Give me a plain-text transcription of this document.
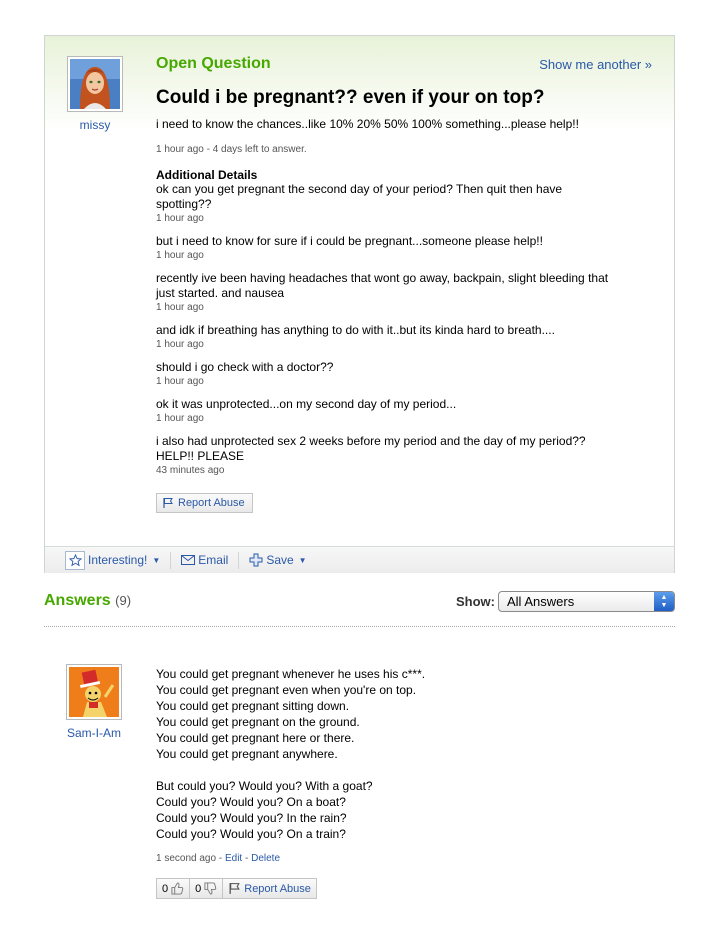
missy
Open Question	Show me another »
Could i be pregnant?? even if your on top?
i need to know the chances..like 10% 20% 50% 100% something...please help!!
1 hour ago - 4 days left to answer.
Additional Details
ok can you get pregnant the second day of your period? Then quit then have
spotting??
1 hour ago
but i need to know for sure if i could be pregnant...someone please help!!
1 hour ago
recently ive been having headaches that wont go away, backpain, slight bleeding that
just started. and nausea
1 hour ago
and idk if breathing has anything to do with it..but its kinda hard to breath....
1 hour ago
should i go check with a doctor??
1 hour ago
ok it was unprotected...on my second day of my period...
1 hour ago
i also had unprotected sex 2 weeks before my period and the day of my period??
HELP!! PLEASE
43 minutes ago
Report Abuse
Interesting! ▼	Email	Save ▼
Answers (9)	Show: All Answers	▲
▼
Sam-I-Am
You could get pregnant whenever he uses his c***.
You could get pregnant even when you're on top.
You could get pregnant sitting down.
You could get pregnant on the ground.
You could get pregnant here or there.
You could get pregnant anywhere.
But could you? Would you? With a goat?
Could you? Would you? On a boat?
Could you? Would you? In the rain?
Could you? Would you? On a train?
1 second ago - Edit - Delete
0 0	Report Abuse
